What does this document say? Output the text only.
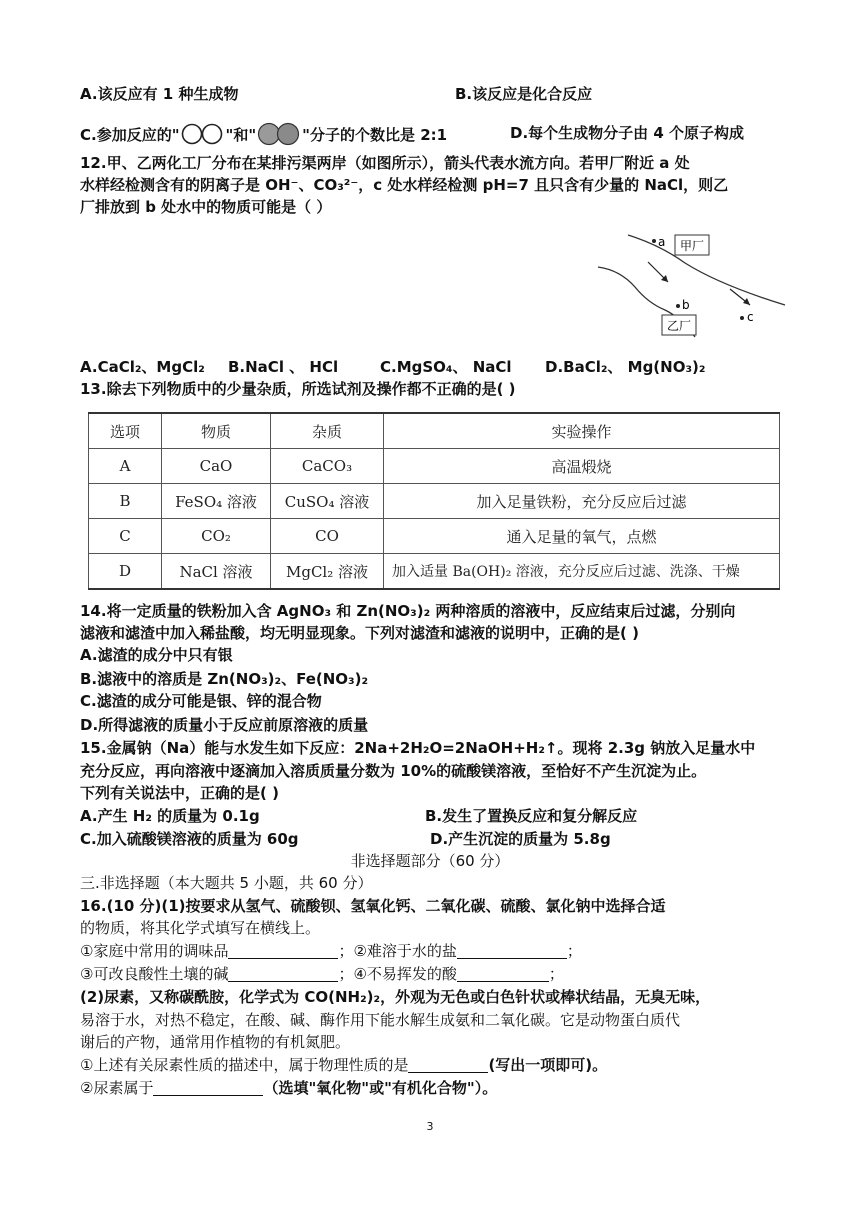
A.该反应有 1 种生成物	B.该反应是化合反应
C.参加反应的"	"和"	"分子的个数比是 2:1	D.每个生成物分子由 4 个原子构成
12.甲、乙两化工厂分布在某排污渠两岸（如图所示），箭头代表水流方向。若甲厂附近 a 处
水样经检测含有的阴离子是 OH⁻、CO₃²⁻，c 处水样经检测 pH=7 且只含有少量的 NaCl，则乙
厂排放到 b 处水中的物质可能是（ ）
a 甲厂
b
c
乙厂
A.CaCl₂、MgCl₂ B.NaCl 、 HCl	C.MgSO₄、 NaCl D.BaCl₂、 Mg(NO₃)₂
13.除去下列物质中的少量杂质，所选试剂及操作都不正确的是( )
选项	物质	杂质	实验操作
A	CaO	CaCO₃	高温煅烧
B	FeSO₄ 溶液	CuSO₄ 溶液	加入足量铁粉，充分反应后过滤
C	CO₂	CO	通入足量的氧气，点燃
D	NaCl 溶液	MgCl₂ 溶液	加入适量 Ba(OH)₂ 溶液，充分反应后过滤、洗涤、干燥
14.将一定质量的铁粉加入含 AgNO₃ 和 Zn(NO₃)₂ 两种溶质的溶液中，反应结束后过滤，分别向
滤液和滤渣中加入稀盐酸，均无明显现象。下列对滤渣和滤液的说明中，正确的是( )
A.滤渣的成分中只有银
B.滤液中的溶质是 Zn(NO₃)₂、Fe(NO₃)₂
C.滤渣的成分可能是银、锌的混合物
D.所得滤液的质量小于反应前原溶液的质量
15.金属钠（Na）能与水发生如下反应：2Na+2H₂O=2NaOH+H₂↑。现将 2.3g 钠放入足量水中
充分反应，再向溶液中逐滴加入溶质质量分数为 10%的硫酸镁溶液，至恰好不产生沉淀为止。
下列有关说法中，正确的是( )
A.产生 H₂ 的质量为 0.1g	B.发生了置换反应和复分解反应
C.加入硫酸镁溶液的质量为 60g	D.产生沉淀的质量为 5.8g
非选择题部分（60 分）
三.非选择题（本大题共 5 小题，共 60 分）
16.(10 分)(1)按要求从氢气、硫酸钡、氢氧化钙、二氧化碳、硫酸、氯化钠中选择合适
的物质，将其化学式填写在横线上。
①家庭中常用的调味品	；②难溶于水的盐	；
③可改良酸性土壤的碱	；④不易挥发的酸	；
(2)尿素，又称碳酰胺，化学式为 CO(NH₂)₂，外观为无色或白色针状或棒状结晶，无臭无味，
易溶于水，对热不稳定，在酸、碱、酶作用下能水解生成氨和二氧化碳。它是动物蛋白质代
谢后的产物，通常用作植物的有机氮肥。
①上述有关尿素性质的描述中，属于物理性质的是	(写出一项即可)。
②尿素属于	（选填"氧化物"或"有机化合物"）。
3
